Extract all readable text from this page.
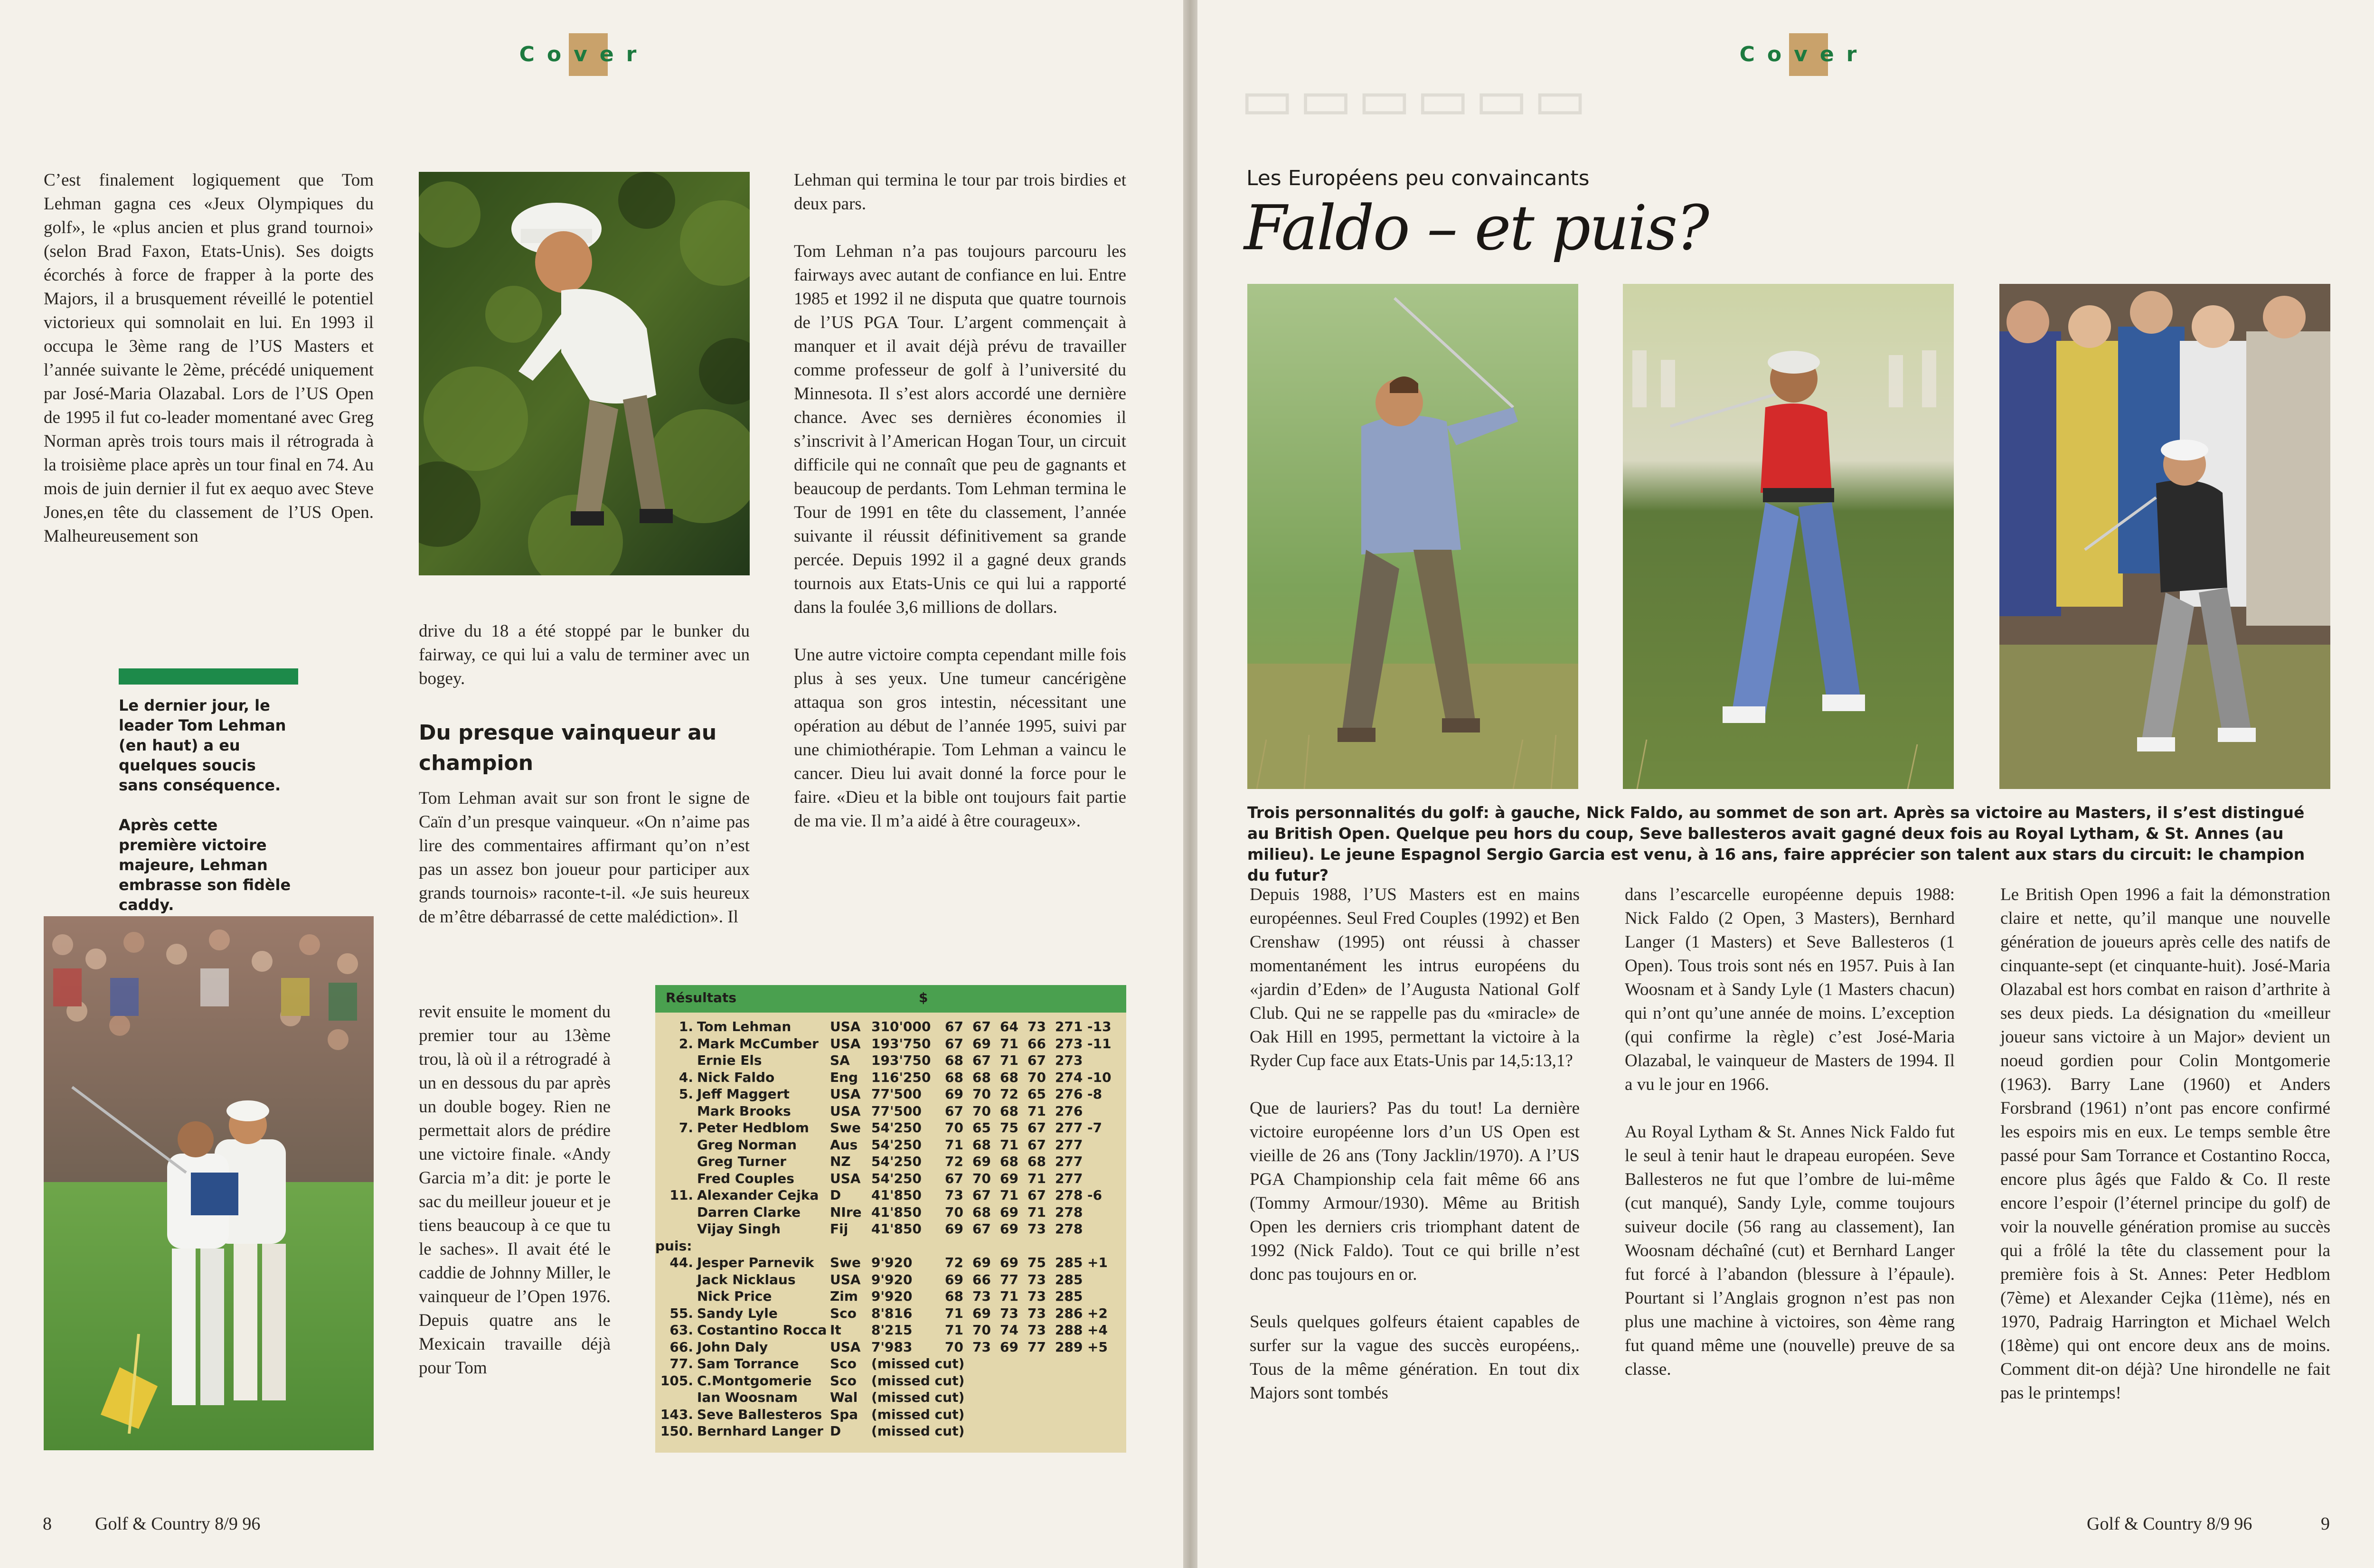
Cover

C’est finalement logiquement que Tom Lehman gagna ces «Jeux Olympiques du golf», le «plus ancien et plus grand tournoi» (selon Brad Faxon, Etats-Unis). Ses doigts écorchés à force de frapper à la porte des Majors, il a brusquement réveillé le potentiel victorieux qui somnolait en lui. En 1993 il occupa le 3ème rang de l’US Masters et l’année suivante le 2ème, précédé uniquement par José-Maria Olazabal. Lors de l’US Open de 1995 il fut co-leader momentané avec Greg Norman après trois tours mais il rétrograda à la troisième place après un tour final en 74. Au mois de juin dernier il fut ex aequo avec Steve Jones,en tête du classement de l’US Open. Malheureusement son

Lehman qui termina le tour par trois birdies et deux pars.

Tom Lehman n’a pas toujours parcouru les fairways avec autant de confiance en lui. Entre 1985 et 1992 il ne disputa que quatre tournois de l’US PGA Tour. L’argent commençait à manquer et il avait déjà prévu de travailler comme professeur de golf à l’université du Minnesota. Il s’est alors accordé une dernière chance. Avec ses dernières économies il s’inscrivit à l’American Hogan Tour, un circuit difficile qui ne connaît que peu de gagnants et beaucoup de perdants. Tom Lehman termina le Tour de 1991 en tête du classement, l’année suivante il réussit définitivement sa grande percée. Depuis 1992 il a gagné deux grands tournois aux Etats-Unis ce qui lui a rapporté dans la foulée 3,6 millions de dollars.

Une autre victoire compta cependant mille fois plus à ses yeux. Une tumeur cancérigène attaqua son gros intestin, nécessitant une opération au début de l’année 1995, suivi par une chimiothérapie. Tom Lehman a vaincu le cancer. Dieu lui avait donné la force pour le faire. «Dieu et la bible ont toujours fait partie de ma vie. Il m’a aidé à être courageux».

drive du 18 a été stoppé par le bunker du fairway, ce qui lui a valu de terminer avec un bogey.

Du presque vainqueur au champion

Tom Lehman avait sur son front le signe de Caïn d’un presque vainqueur. «On n’aime pas lire des commentaires affirmant qu’on n’est pas un assez bon joueur pour participer aux grands tournois» raconte-t-il. «Je suis heureux de m’être débarrassé de cette malédiction». Il

revit ensuite le moment du premier tour au 13ème trou, là où il a rétrogradé à un en dessous du par après un double bogey. Rien ne permettait alors de prédire une victoire finale. «Andy Garcia m’a dit: je porte le sac du meilleur joueur et je tiens beaucoup à ce que tu le saches». Il avait été le caddie de Johnny Miller, le vainqueur de l’Open 1976. Depuis quatre ans le Mexicain travaille déjà pour Tom

Le dernier jour, le leader Tom Lehman (en haut) a eu quelques soucis sans conséquence.

Après cette première victoire majeure, Lehman embrasse son fidèle caddy.

Résultats	$
1. Tom Lehman	USA 310'000 67 67 64 73 271 -13
2. Mark McCumber USA 193'750 67 69 71 66 273 -11
Ernie Els	SA 193'750 68 67 71 67 273
4. Nick Faldo	Eng 116'250 68 68 68 70 274 -10
5. Jeff Maggert	USA 77'500 69 70 72 65 276 -8
Mark Brooks	USA 77'500 67 70 68 71 276
7. Peter Hedblom Swe 54'250 70 65 75 67 277 -7
Greg Norman Aus 54'250 71 68 71 67 277
Greg Turner	NZ 54'250 72 69 68 68 277
Fred Couples	USA 54'250 67 70 69 71 277
11. Alexander Cejka D 41'850 73 67 71 67 278 -6
Darren Clarke NIre 41'850 70 68 69 71 278
Vijay Singh	Fij 41'850 69 67 69 73 278
puis:
44. Jesper Parnevik Swe 9'920 72 69 69 75 285 +1
Jack Nicklaus	USA 9'920 69 66 77 73 285
Nick Price	Zim 9'920 68 73 71 73 285
55. Sandy Lyle	Sco 8'816 71 69 73 73 286 +2
63. Costantino Rocca It 8'215 71 70 74 73 288 +4
66. John Daly	USA 7'983 70 73 69 77 289 +5
77. Sam Torrance Sco (missed cut)
105. C.Montgomerie Sco (missed cut)
Ian Woosnam Wal (missed cut)
143. Seve Ballesteros Spa (missed cut)
150. Bernhard Langer D (missed cut)
8 Golf & Country 8/9 96
Cover
▭▭▭▭▭▭
Les Européens peu convaincants
Faldo – et puis?
Trois personnalités du golf: à gauche, Nick Faldo, au sommet de son art. Après sa victoire au Masters, il s’est distingué au British Open. Quelque peu hors du coup, Seve ballesteros avait gagné deux fois au Royal Lytham, & St. Annes (au milieu). Le jeune Espagnol Sergio Garcia est venu, à 16 ans, faire apprécier son talent aux stars du circuit: le champion du futur?

Depuis 1988, l’US Masters est en mains européennes. Seul Fred Couples (1992) et Ben Crenshaw (1995) ont réussi à chasser momentanément les intrus européens du «jardin d’Eden» de l’Augusta National Golf Club. Qui ne se rappelle pas du «miracle» de Oak Hill en 1995, permettant la victoire à la Ryder Cup face aux Etats-Unis par 14,5:13,1?

Que de lauriers? Pas du tout! La dernière victoire européenne lors d’un US Open est vieille de 26 ans (Tony Jacklin/1970). A l’US PGA Championship cela fait même 66 ans (Tommy Armour/1930). Même au British Open les derniers cris triomphant datent de 1992 (Nick Faldo). Tout ce qui brille n’est donc pas toujours en or.

Seuls quelques golfeurs étaient capables de surfer sur la vague des succès européens,. Tous de la même génération. En tout dix Majors sont tombés

dans l’escarcelle européenne depuis 1988: Nick Faldo (2 Open, 3 Masters), Bernhard Langer (1 Masters) et Seve Ballesteros (1 Open). Tous trois sont nés en 1957. Puis à Ian Woosnam et à Sandy Lyle (1 Masters chacun) qui n’ont qu’une année de moins. L’exception (qui confirme la règle) c’est José-Maria Olazabal, le vainqueur de Masters de 1994. Il a vu le jour en 1966.

Au Royal Lytham & St. Annes Nick Faldo fut le seul à tenir haut le drapeau européen. Seve Ballesteros ne fut que l’ombre de lui-même (cut manqué), Sandy Lyle, comme toujours suiveur docile (56 rang au classement), Ian Woosnam déchaîné (cut) et Bernhard Langer fut forcé à l’abandon (blessure à l’épaule). Pourtant si l’Anglais grognon n’est pas non plus une machine à victoires, son 4ème rang fut quand même une (nouvelle) preuve de sa classe.

Le British Open 1996 a fait la démonstration claire et nette, qu’il manque une nouvelle génération de joueurs après celle des natifs de cinquante-sept (et cinquante-huit). José-Maria Olazabal est hors combat en raison d’arthrite à ses deux pieds. La désignation du «meilleur joueur sans victoire à un Major» devient un noeud gordien pour Colin Montgomerie (1963). Barry Lane (1960) et Anders Forsbrand (1961) n’ont pas encore confirmé les espoirs mis en eux. Le temps semble être passé pour Sam Torrance et Costantino Rocca, encore plus âgés que Faldo & Co. Il reste encore l’espoir (l’éternel principe du golf) de voir la nouvelle génération promise au succès qui a frôlé la tête du classement pour la première fois à St. Annes: Peter Hedblom (7ème) et Alexander Cejka (11ème), nés en 1970, Padraig Harrington et Michael Welch (18ème) qui ont encore deux ans de moins. Comment dit-on déjà? Une hirondelle ne fait pas le printemps!

Golf & Country 8/9 96	9
